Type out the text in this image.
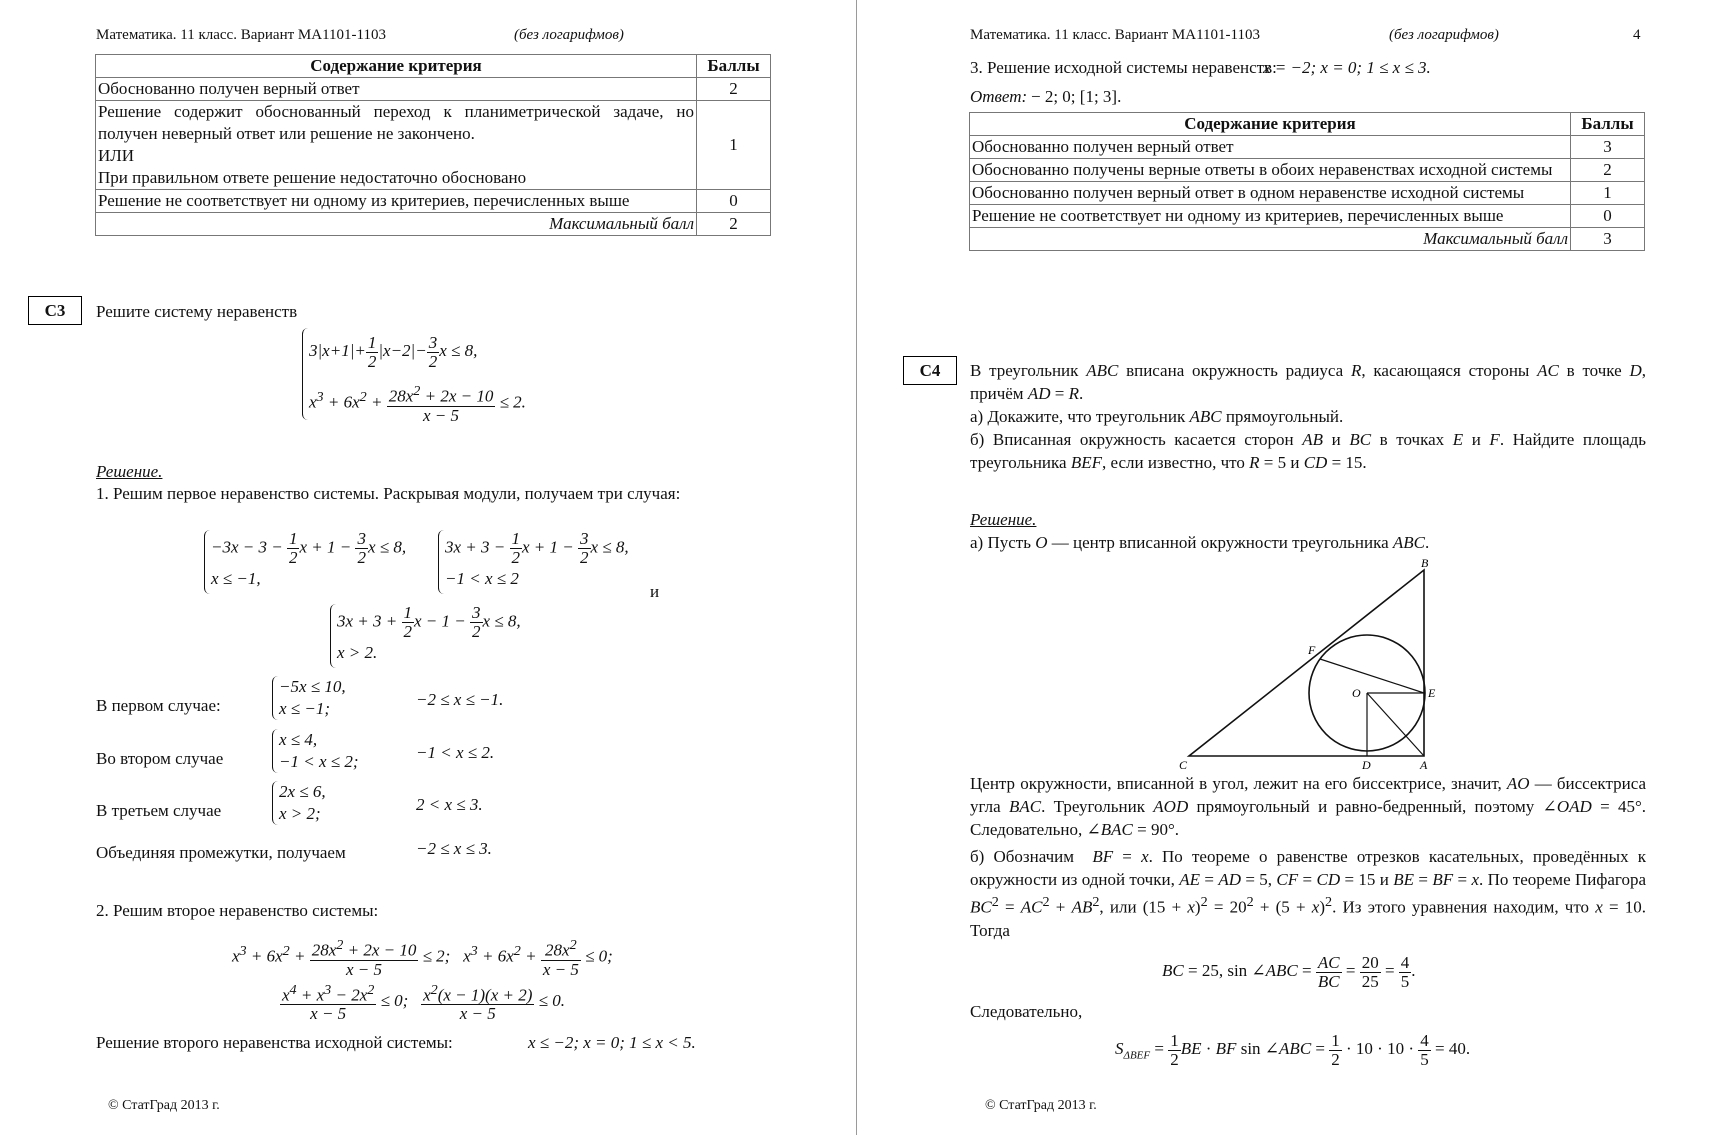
Математика. 11 класс. Вариант МА1101-1103	(без логарифмов)
Содержание критерия	Баллы
Обоснованно получен верный ответ	2

Решение содержит обоснованный переход к планиметрической задаче, но получен неверный ответ или решение не закончено.
ИЛИ
При правильном ответе решение недостаточно обосновано	1
Решение не соответствует ни одному из критериев, перечисленных выше	0
Максимальный балл	2
C3	Решите систему неравенств
$3|x+1|+ \frac{1}{2} |x-2|- \frac{3}{2}$ x ≤ 8,
$x^3 + 6x^2 + \frac{28x^2 + 2x - 10}{x - 5} \le 2$.
Решение.
1. Решим первое неравенство системы. Раскрывая модули, получаем три случая:
$-3x - 3 - \frac{1}{2}$ $x + 1 - \frac{3}{2}$ x ≤ 8,
x ≤ −1,
$3x + 3 - \frac{1}{2}$ $x + 1 - \frac{3}{2}$ x ≤ 8,
−1 < x ≤ 2
и
$3x + 3 + \frac{1}{2}$ $x - 1 - \frac{3}{2}$ x ≤ 8,
x > 2.
В первом случае:
−5x ≤ 10,
x ≤ −1;	−2 ≤ x ≤ −1.
Во втором случае
x ≤ 4,
−1 < x ≤ 2;	−1 < x ≤ 2.
В третьем случае
2x ≤ 6,
x > 2;	2 < x ≤ 3.
Объединяя промежутки, получаем	−2 ≤ x ≤ 3.
2. Решим второе неравенство системы:
$x^3 + 6x^2 + \frac{28x^2 + 2x - 10}{x - 5} \le 2$;   $x^3 + 6x^2 + \frac{28x^2}{x - 5} \le 0$;
$\frac{x^4 + x^3 - 2x^2}{x - 5} \le 0$; $\frac{x^2(x - 1)(x + 2)}{x - 5} \le 0$.
Решение второго неравенства исходной системы:	x ≤ −2; x = 0; 1 ≤ x < 5.
© СтатГрад 2013 г.
Математика. 11 класс. Вариант МА1101-1103	(без логарифмов)	4
3. Решение исходной системы неравенств:
x = −2; x = 0; 1 ≤ x ≤ 3.
Ответ: − 2; 0; [1; 3].
Содержание критерия	Баллы
Обоснованно получен верный ответ	3
Обоснованно получены верные ответы в обоих неравенствах исходной системы	2
Обоснованно получен верный ответ в одном неравенстве исходной системы	1
Решение не соответствует ни одному из критериев, перечисленных выше	0
Максимальный балл	3
C4	В треугольник ABC вписана окружность радиуса R, касающаяся стороны AC в точке D, причём AD = R.
а) Докажите, что треугольник ABC прямоугольный.
б) Вписанная окружность касается сторон AB и BC в точках E и F. Найдите площадь треугольника BEF, если известно, что R = 5 и CD = 15.
Решение.
а) Пусть O — центр вписанной окружности треугольника ABC.
B
F
O	E
C	D	A
Центр окружности, вписанной в угол, лежит на его биссектрисе, значит, AO — биссектриса угла BAC. Треугольник AOD прямоугольный и равно-бедренный, поэтому ∠OAD = 45°. Следовательно, ∠BAC = 90°.
б) Обозначим  BF = x. По теореме о равенстве отрезков касательных, проведённых к окружности из одной точки, AE = AD = 5, CF = CD = 15 и BE = BF = x. По теореме Пифагора $BC^2 = AC^2 + AB^2$, или $(15 + x)^2 = 20^2 + (5 + x)^2$. Из этого уравнения находим, что x = 10. Тогда
BC = 25, sin ∠ABC = $\frac{AC}{BC} = \frac{20}{25} = \frac{4}{5}$ .
Следовательно,
$S_{\Delta BEF} = \frac{1}{2}$ BE · BF sin ∠ABC = $\frac{1}{2} \cdot 10 \cdot 10 \cdot \frac{4}{5} = 40$.
© СтатГрад 2013 г.
